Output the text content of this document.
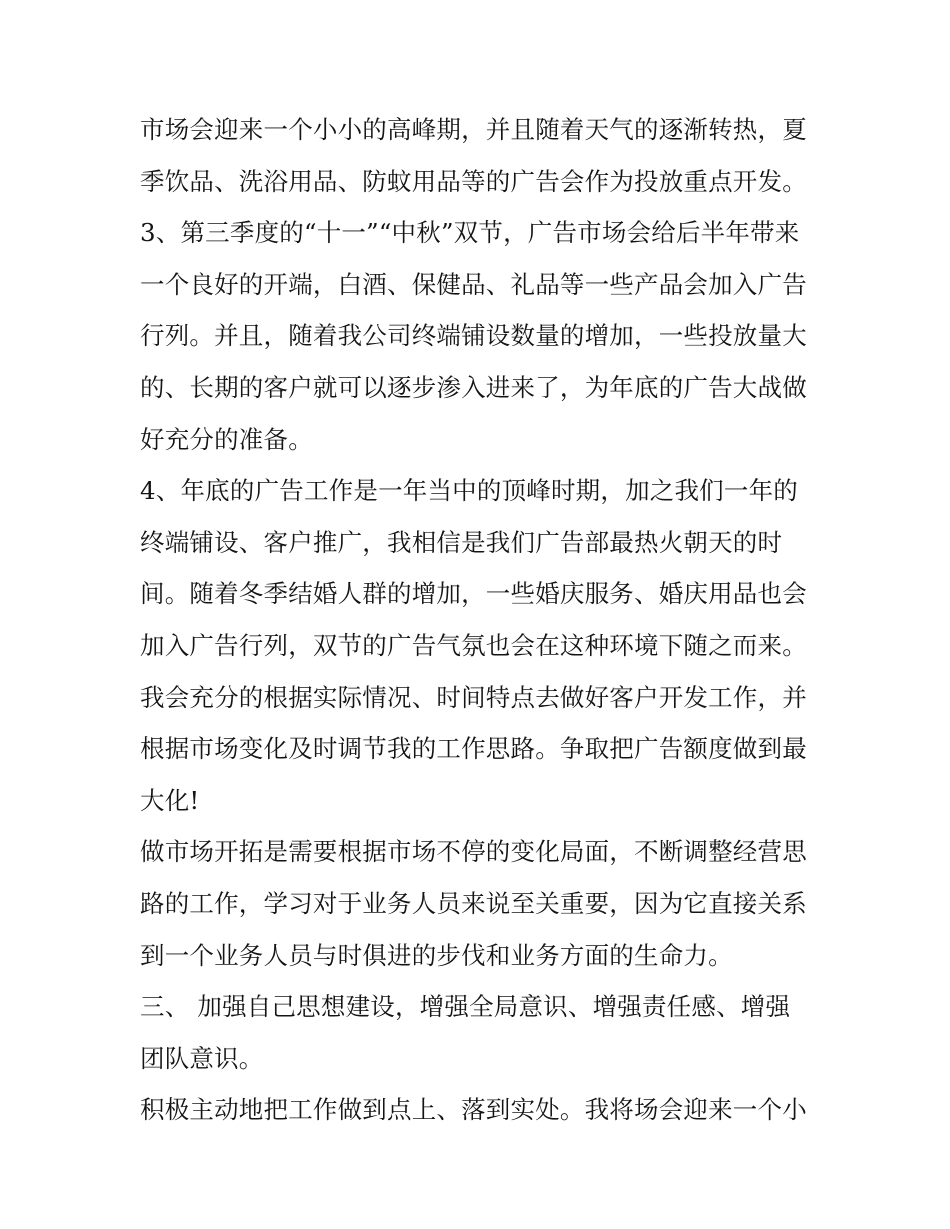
市场会迎来一个小小的高峰期，并且随着天气的逐渐转热，夏
季饮品、洗浴用品、防蚊用品等的广告会作为投放重点开发。
3、第三季度的“十一”“中秋”双节，广告市场会给后半年带来
一个良好的开端，白酒、保健品、礼品等一些产品会加入广告
行列。并且，随着我公司终端铺设数量的增加，一些投放量大
的、长期的客户就可以逐步渗入进来了，为年底的广告大战做
好充分的准备。
4、年底的广告工作是一年当中的顶峰时期，加之我们一年的
终端铺设、客户推广，我相信是我们广告部最热火朝天的时
间。随着冬季结婚人群的增加，一些婚庆服务、婚庆用品也会
加入广告行列，双节的广告气氛也会在这种环境下随之而来。
我会充分的根据实际情况、时间特点去做好客户开发工作，并
根据市场变化及时调节我的工作思路。争取把广告额度做到最
大化!
做市场开拓是需要根据市场不停的变化局面，不断调整经营思
路的工作，学习对于业务人员来说至关重要，因为它直接关系
到一个业务人员与时俱进的步伐和业务方面的生命力。
三、 加强自己思想建设，增强全局意识、增强责任感、增强
团队意识。
积极主动地把工作做到点上、落到实处。我将场会迎来一个小
